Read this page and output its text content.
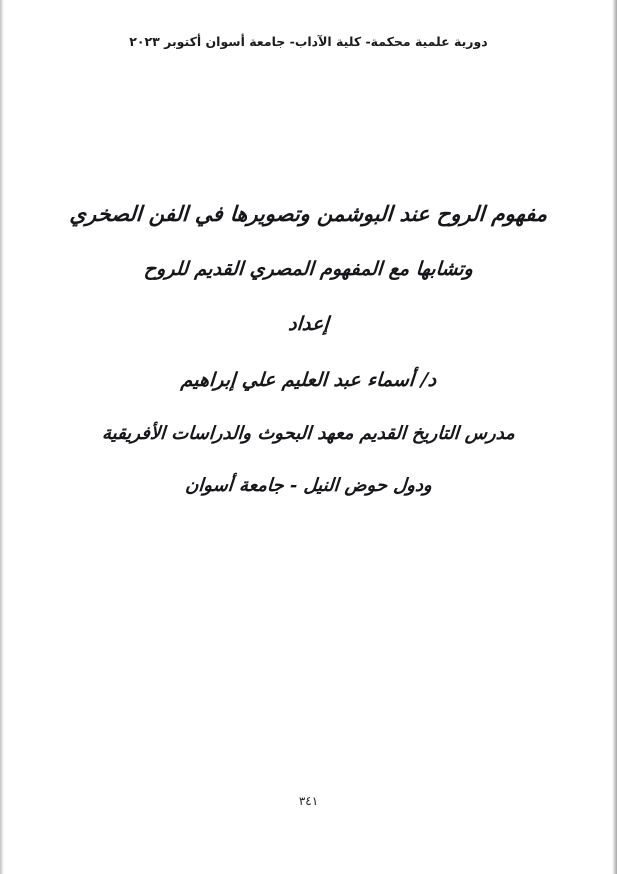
دورية علمية محكمة- كلية الآداب- جامعة أسوان أكتوبر ٢٠٢٣
مفهوم الروح عند البوشمن وتصويرها في الفن الصخري
وتشابها مع المفهوم المصري القديم للروح
إعداد
د/ أسماء عبد العليم علي إبراهيم
مدرس التاريخ القديم معهد البحوث والدراسات الأفريقية
ودول حوض النيل - جامعة أسوان
٣٤١
